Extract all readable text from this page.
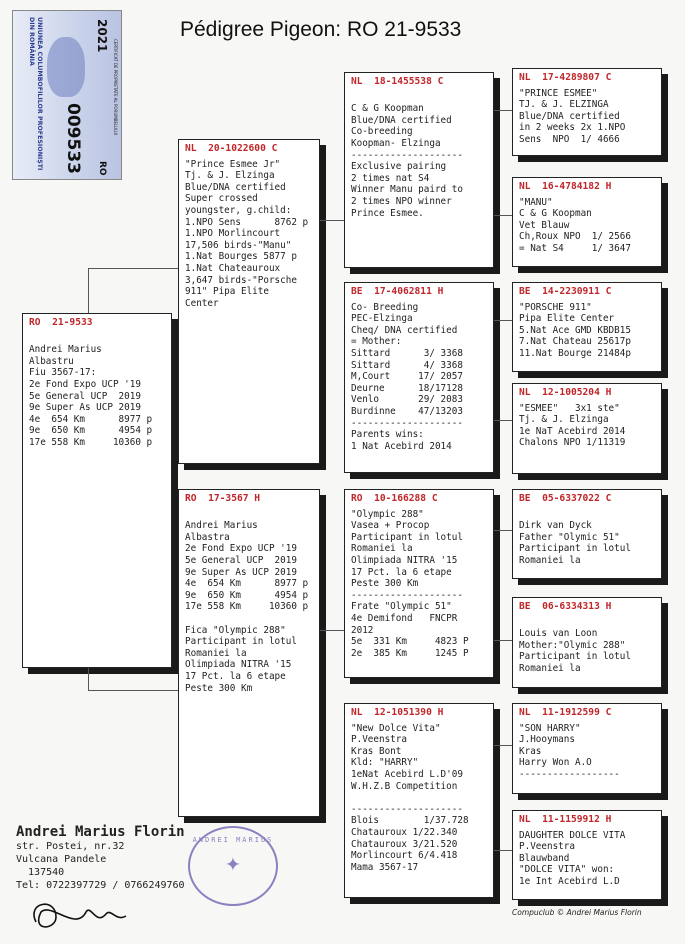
Pédigree Pigeon: RO 21-9533
2021
UNIUNEA COLUMBOFILILOR PROFESIONIȘTI DIN ROMÂNIA	CERTIFICAT DE PROPRIETATE AL PORUMBELULUI
009533 RO
RO  21-9533

Andrei Marius
Albastru
Fiu 3567-17:
2e Fond Expo UCP '19
5e General UCP  2019
9e Super As UCP 2019
4e  654 Km      8977 p
9e  650 Km      4954 p
17e 558 Km     10360 p
NL  20-1022600 C
"Prince Esmee Jr"
Tj. & J. Elzinga
Blue/DNA certified
Super crossed
youngster, g.child:
1.NPO Sens      8762 p
1.NPO Morlincourt
17,506 birds-"Manu"
1.Nat Bourges 5877 p
1.Nat Chateauroux
3,647 birds-"Porsche
911" Pipa Elite
Center
RO  17-3567 H

Andrei Marius
Albastra
2e Fond Expo UCP '19
5e General UCP  2019
9e Super As UCP 2019
4e  654 Km      8977 p
9e  650 Km      4954 p
17e 558 Km     10360 p

Fica "Olympic 288"
Participant in lotul
Romaniei la
Olimpiada NITRA '15
17 Pct. la 6 etape
Peste 300 Km
NL  18-1455538 C

C & G Koopman
Blue/DNA certified
Co-breeding
Koopman- Elzinga
--------------------
Exclusive pairing
2 times nat S4
Winner Manu paird to
2 times NPO winner
Prince Esmee.
BE  17-4062811 H
Co- Breeding
PEC-Elzinga
Cheq/ DNA certified
= Mother:
Sittard      3/ 3368
Sittard      4/ 3368
M,Court     17/ 2057
Deurne      18/17128
Venlo       29/ 2083
Burdinne    47/13203
--------------------
Parents wins:
1 Nat Acebird 2014
RO  10-166288 C
"Olympic 288"
Vasea + Procop
Participant in lotul
Romaniei la
Olimpiada NITRA '15
17 Pct. la 6 etape
Peste 300 Km
--------------------
Frate "Olympic 51"
4e Demifond   FNCPR
2012
5e  331 Km     4823 P
2e  385 Km     1245 P
NL  12-1051390 H
"New Dolce Vita"
P.Veenstra
Kras Bont
Kld: "HARRY"
1eNat Acebird L.D'09
W.H.Z.B Competition

--------------------
Blois        1/37.728
Chatauroux 1/22.340
Chatauroux 3/21.520
Morlincourt 6/4.418
Mama 3567-17
NL  17-4289807 C
"PRINCE ESMEE"
TJ. & J. ELZINGA
Blue/DNA certified
in 2 weeks 2x 1.NPO
Sens  NPO  1/ 4666
NL  16-4784182 H
"MANU"
C & G Koopman
Vet Blauw
Ch,Roux NPO  1/ 2566
= Nat S4     1/ 3647
BE  14-2230911 C
"PORSCHE 911"
Pipa Elite Center
5.Nat Ace GMD KBDB15
7.Nat Chateau 25617p
11.Nat Bourge 21484p
NL  12-1005204 H
"ESMEE"   3x1 ste"
Tj. & J. Elzinga
1e NaT Acebird 2014
Chalons NPO 1/11319
BE  05-6337022 C

Dirk van Dyck
Father "Olymic 51"
Participant in lotul
Romaniei la
BE  06-6334313 H

Louis van Loon
Mother:"Olymic 288"
Participant in lotul
Romaniei la
NL  11-1912599 C
"SON HARRY"
J.Hooymans
Kras
Harry Won A.O
------------------
NL  11-1159912 H
DAUGHTER DOLCE VITA
P.Veenstra
Blauwband
"DOLCE VITA" won:
1e Int Acebird L.D
Andrei Marius Florin
str. Postei, nr.32
Vulcana Pandele
137540
Tel: 0722397729 / 0766249760
ANDREI MARIUS
✦
Compuclub © Andrei Marius Florin
